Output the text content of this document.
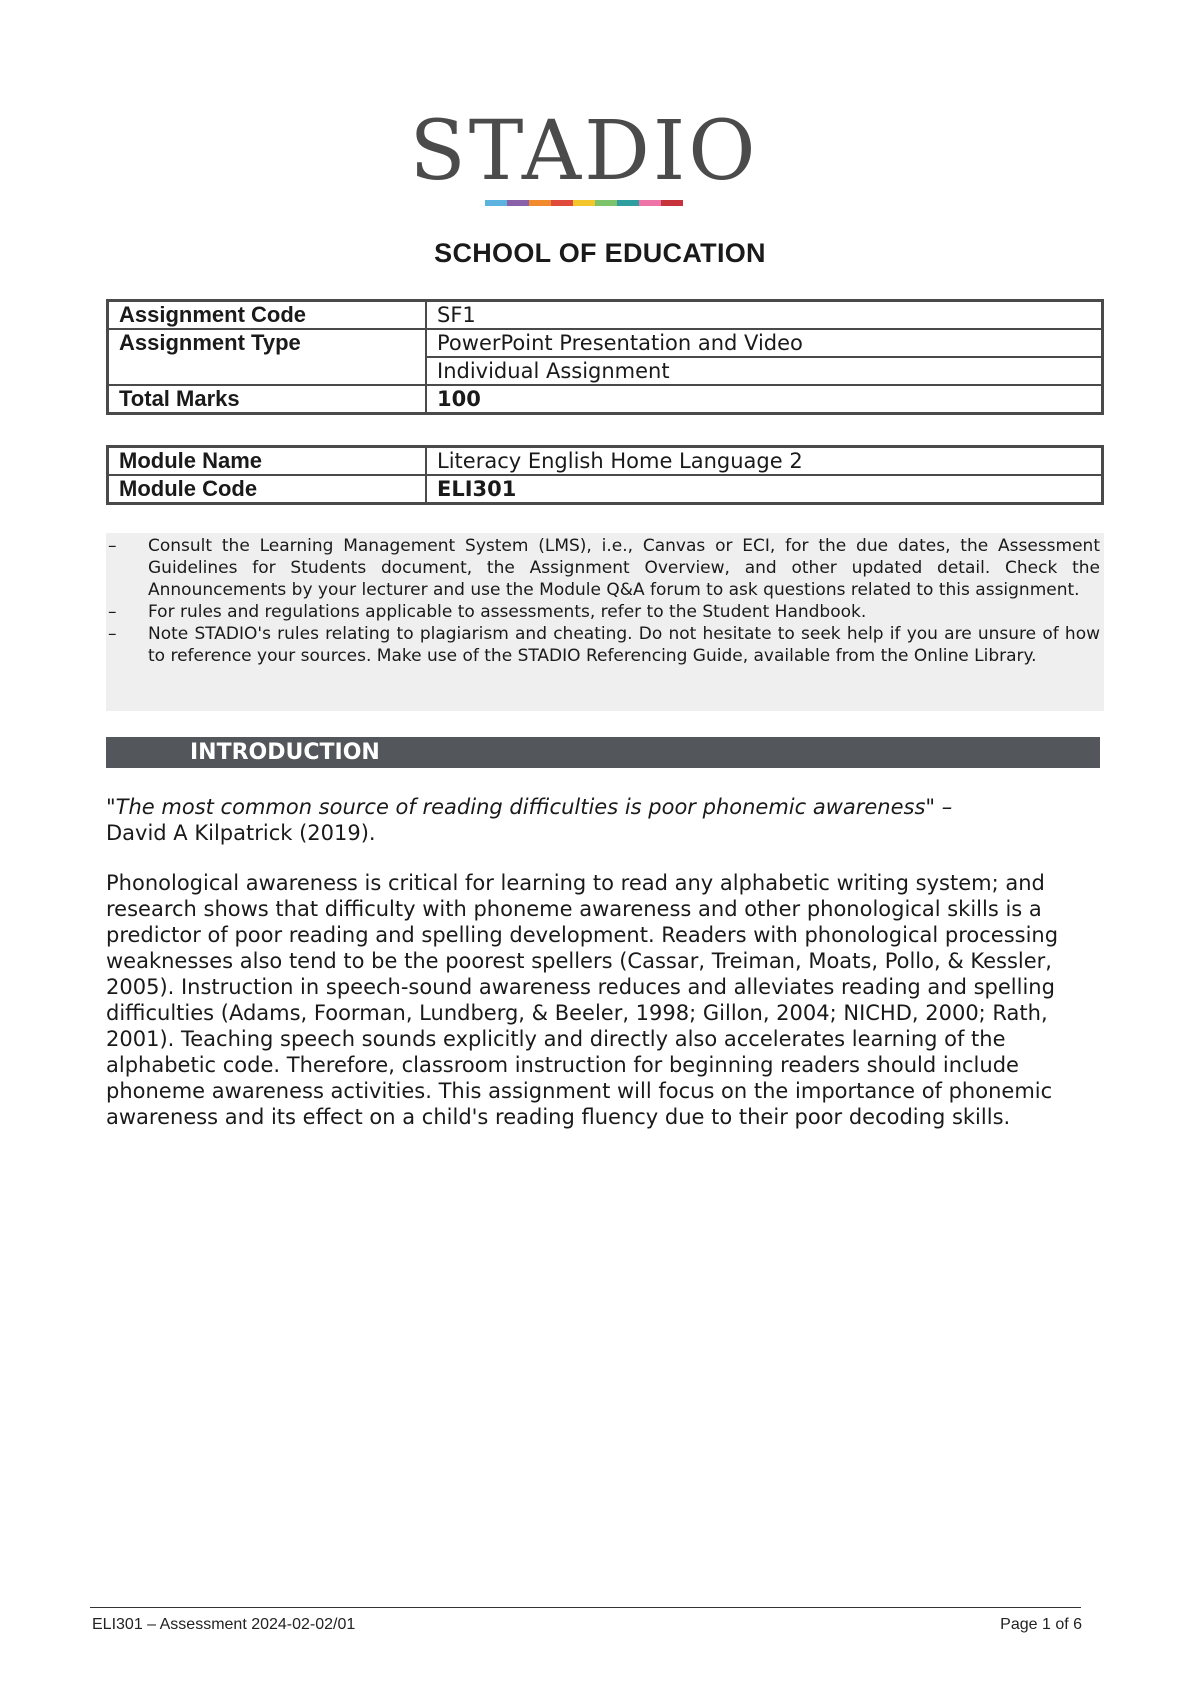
STADIO
SCHOOL OF EDUCATION
Assignment Code	SF1
Assignment Type	PowerPoint Presentation and Video
	Individual Assignment
Total Marks	100
Module Name	Literacy English Home Language 2
Module Code	ELI301
–	Consult the Learning Management System (LMS), i.e., Canvas or ECI, for the due dates, the Assessment Guidelines for Students document, the Assignment Overview, and other updated detail. Check the Announcements by your lecturer and use the Module Q&A forum to ask questions related to this assignment.
–	For rules and regulations applicable to assessments, refer to the Student Handbook.
–	Note STADIO's rules relating to plagiarism and cheating. Do not hesitate to seek help if you are unsure of how to reference your sources. Make use of the STADIO Referencing Guide, available from the Online Library.
INTRODUCTION
"The most common source of reading difficulties is poor phonemic awareness" –
David A Kilpatrick (2019).
Phonological awareness is critical for learning to read any alphabetic writing system; and research shows that difficulty with phoneme awareness and other phonological skills is a predictor of poor reading and spelling development. Readers with phonological processing weaknesses also tend to be the poorest spellers (Cassar, Treiman, Moats, Pollo, & Kessler, 2005). Instruction in speech-sound awareness reduces and alleviates reading and spelling difficulties (Adams, Foorman, Lundberg, & Beeler, 1998; Gillon, 2004; NICHD, 2000; Rath, 2001). Teaching speech sounds explicitly and directly also accelerates learning of the alphabetic code. Therefore, classroom instruction for beginning readers should include phoneme awareness activities. This assignment will focus on the importance of phonemic awareness and its effect on a child's reading fluency due to their poor decoding skills.
ELI301 – Assessment 2024-02-02/01	Page 1 of 6
